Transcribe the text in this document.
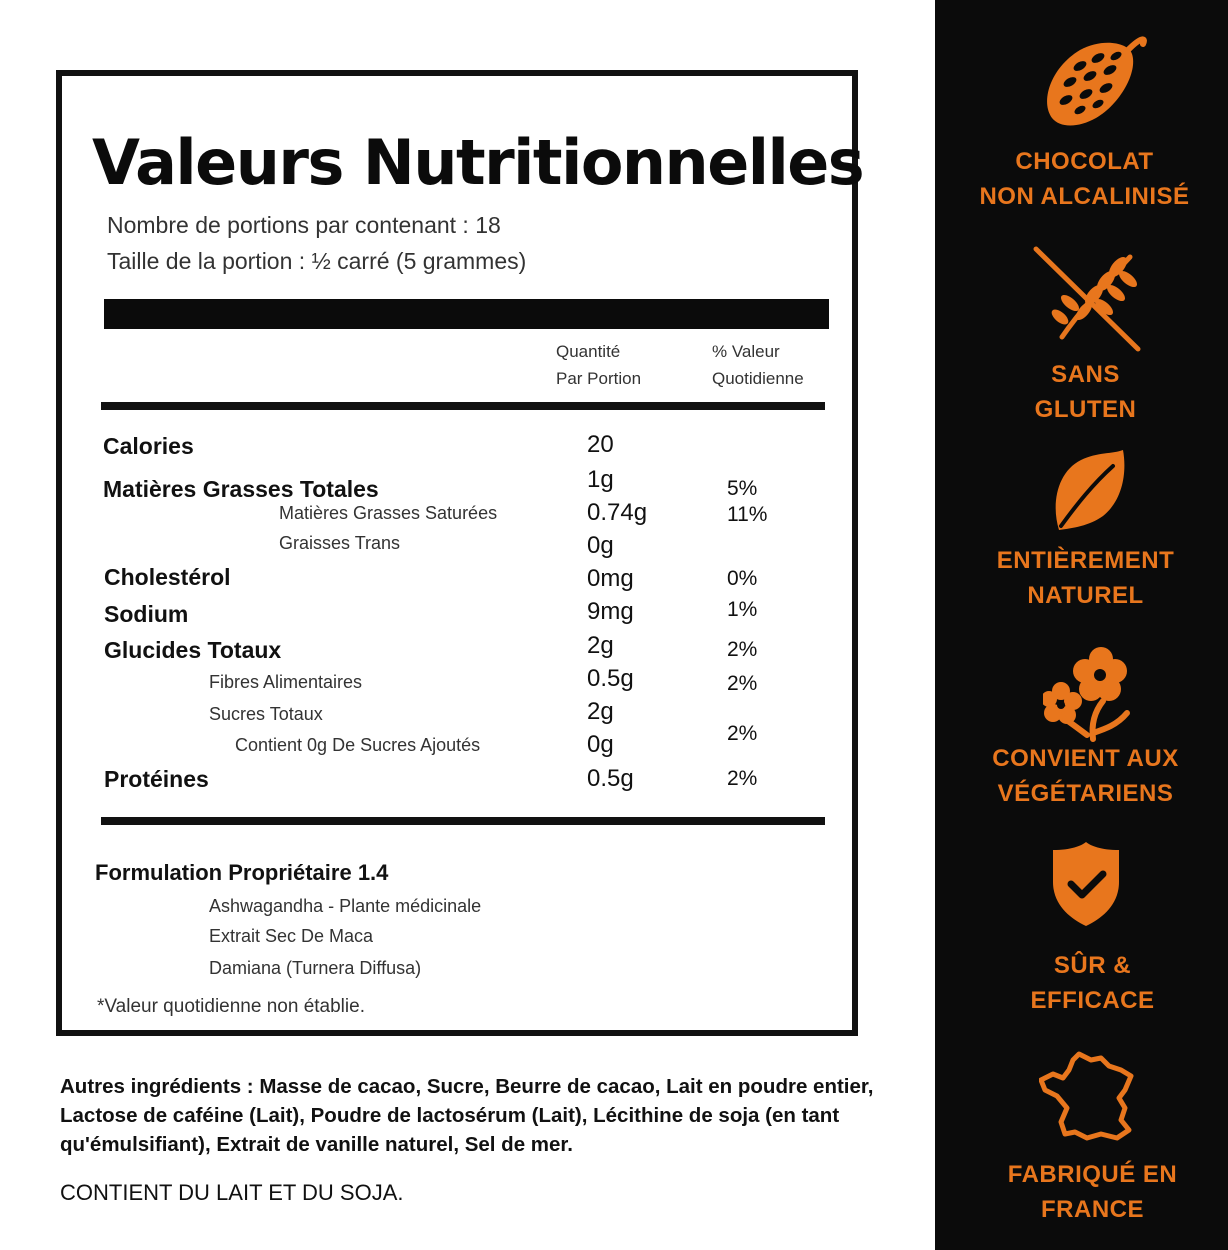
Valeurs Nutritionnelles
Nombre de portions par contenant : 18
Taille de la portion : ½ carré (5 grammes)
Quantité
Par Portion
% Valeur
Quotidienne
Calories	20
Matières Grasses Totales	1g	5%
Matières Grasses Saturées	0.74g	11%
Graisses Trans	0g
Cholestérol	0mg	0%
Sodium	9mg	1%
Glucides Totaux	2g	2%
Fibres Alimentaires	0.5g	2%
Sucres Totaux	2g
Contient 0g De Sucres Ajoutés	0g	2%
Protéines	0.5g	2%
Formulation Propriétaire 1.4
Ashwagandha - Plante médicinale
Extrait Sec De Maca
Damiana (Turnera Diffusa)
*Valeur quotidienne non établie.
Autres ingrédients : Masse de cacao, Sucre, Beurre de cacao, Lait en poudre entier, Lactose de caféine (Lait), Poudre de lactosérum (Lait), Lécithine de soja (en tant qu'émulsifiant), Extrait de vanille naturel, Sel de mer.
CONTIENT DU LAIT ET DU SOJA.
CHOCOLAT
NON ALCALINISÉ
SANS
GLUTEN
ENTIÈREMENT
NATUREL
CONVIENT AUX
VÉGÉTARIENS
SÛR &
EFFICACE
FABRIQUÉ EN
FRANCE
